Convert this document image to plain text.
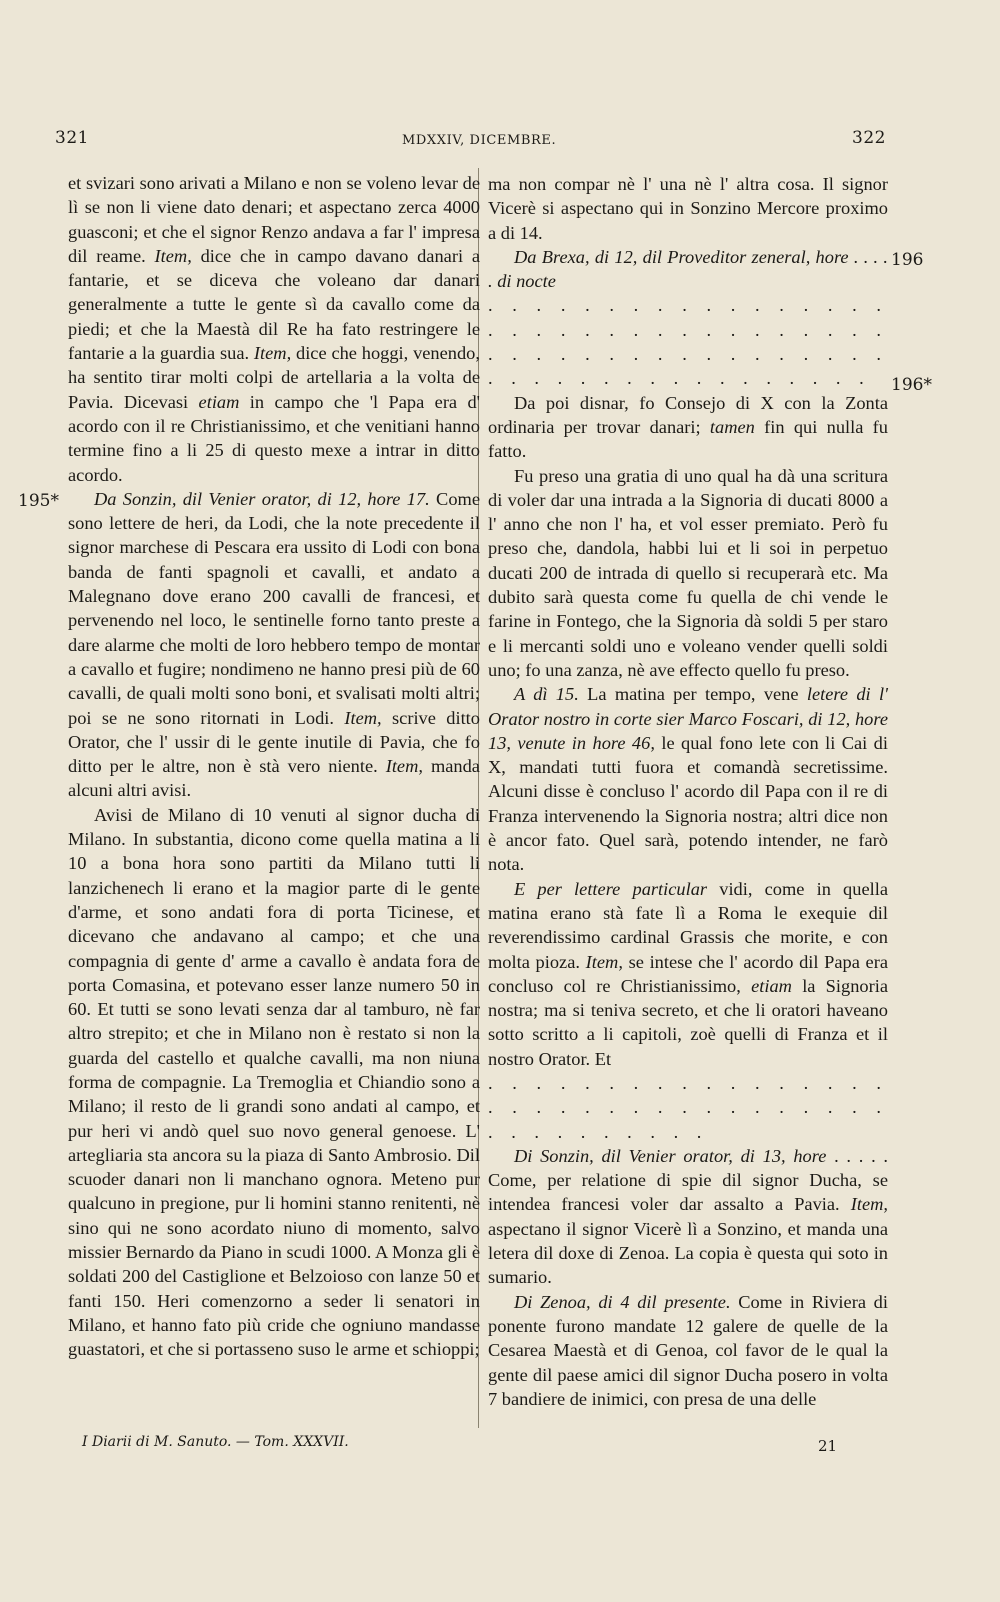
321	MDXXIV, DICEMBRE.	322
195*
196
196*

et svizari sono arivati a Milano e non se voleno levar de lì se non li viene dato denari; et aspectano zerca 4000 guasconi; et che el signor Renzo andava a far l' impresa dil reame. Item, dice che in campo davano danari a fantarie, et se diceva che voleano dar danari generalmente a tutte le gente sì da cavallo come da piedi; et che la Maestà dil Re ha fato restringere le fantarie a la guardia sua. Item, dice che hoggi, venendo, ha sentito tirar molti colpi de artellaria a la volta de Pavia. Dicevasi etiam in campo che 'l Papa era d' acordo con il re Christianissimo, et che venitiani hanno termine fino a li 25 di questo mexe a intrar in ditto acordo.

Da Sonzin, dil Venier orator, di 12, hore 17. Come sono lettere de heri, da Lodi, che la note precedente il signor marchese di Pescara era ussito di Lodi con bona banda de fanti spagnoli et cavalli, et andato a Malegnano dove erano 200 cavalli de francesi, et pervenendo nel loco, le sentinelle forno tanto preste a dare alarme che molti de loro hebbero tempo de montar a cavallo et fugire; nondimeno ne hanno presi più de 60 cavalli, de quali molti sono boni, et svalisati molti altri; poi se ne sono ritornati in Lodi. Item, scrive ditto Orator, che l' ussir di le gente inutile di Pavia, che fo ditto per le altre, non è stà vero niente. Item, manda alcuni altri avisi.

Avisi de Milano di 10 venuti al signor ducha di Milano. In substantia, dicono come quella matina a li 10 a bona hora sono partiti da Milano tutti li lanzichenech li erano et la magior parte di le gente d'arme, et sono andati fora di porta Ticinese, et dicevano che andavano al campo; et che una compagnia di gente d' arme a cavallo è andata fora de porta Comasina, et potevano esser lanze numero 50 in 60. Et tutti se sono levati senza dar al tamburo, nè far altro strepito; et che in Milano non è restato si non la guarda del castello et qualche cavalli, ma non niuna forma de compagnie. La Tremoglia et Chiandio sono a Milano; il resto de li grandi sono andati al campo, et pur heri vi andò quel suo novo general genoese. L' artegliaria sta ancora su la piaza di Santo Ambrosio. Dil scuoder danari non li manchano ognora. Meteno pur qualcuno in pregione, pur li homini stanno renitenti, nè sino qui ne sono acordato niuno di momento, salvo missier Bernardo da Piano in scudi 1000. A Monza gli è soldati 200 del Castiglione et Belzoioso con lanze 50 et fanti 150. Heri comenzorno a seder li senatori in Milano, et hanno fato più cride che ogniuno mandasse guastatori, et che si portasseno suso le arme et schioppi;

ma non compar nè l' una nè l' altra cosa. Il signor Vicerè si aspectano qui in Sonzino Mercore proximo a di 14.

Da Brexa, di 12, dil Proveditor zeneral, hore . . . . . di nocte

. . . . . . . . . . . . . . . . . . . . . . . . . . . . . . . . . . . . . . . . . . . . . . . . . . . . . . . . . . . . . . . . . . . .

Da poi disnar, fo Consejo di X con la Zonta ordinaria per trovar danari; tamen fin qui nulla fu fatto.

Fu preso una gratia di uno qual ha dà una scritura di voler dar una intrada a la Signoria di ducati 8000 a l' anno che non l' ha, et vol esser premiato. Però fu preso che, dandola, habbi lui et li soi in perpetuo ducati 200 de intrada di quello si recuperarà etc. Ma dubito sarà questa come fu quella de chi vende le farine in Fontego, che la Signoria dà soldi 5 per staro e li mercanti soldi uno e voleano vender quelli soldi uno; fo una zanza, nè ave effecto quello fu preso.

A dì 15. La matina per tempo, vene letere di l' Orator nostro in corte sier Marco Foscari, di 12, hore 13, venute in hore 46, le qual fono lete con li Cai di X, mandati tutti fuora et comandà secretissime. Alcuni disse è concluso l' acordo dil Papa con il re di Franza intervenendo la Signoria nostra; altri dice non è ancor fato. Quel sarà, potendo intender, ne farò nota.

E per lettere particular vidi, come in quella matina erano stà fate lì a Roma le exequie dil reverendissimo cardinal Grassis che morite, e con molta pioza. Item, se intese che l' acordo dil Papa era concluso col re Christianissimo, etiam la Signoria nostra; ma si teniva secreto, et che li oratori haveano sotto scritto a li capitoli, zoè quelli di Franza et il nostro Orator. Et

. . . . . . . . . . . . . . . . . . . . . . . . . . . . . . . . . . . . . . . . . . . .

Di Sonzin, dil Venier orator, di 13, hore . . . . . Come, per relatione di spie dil signor Ducha, se intendea francesi voler dar assalto a Pavia. Item, aspectano il signor Vicerè lì a Sonzino, et manda una letera dil doxe di Zenoa. La copia è questa qui soto in sumario.

Di Zenoa, di 4 dil presente. Come in Riviera di ponente furono mandate 12 galere de quelle de la Cesarea Maestà et di Genoa, col favor de le qual la gente dil paese amici dil signor Ducha posero in volta 7 bandiere de inimici, con presa de una delle

I Diarii di M. Sanuto. — Tom. XXXVII.	21
